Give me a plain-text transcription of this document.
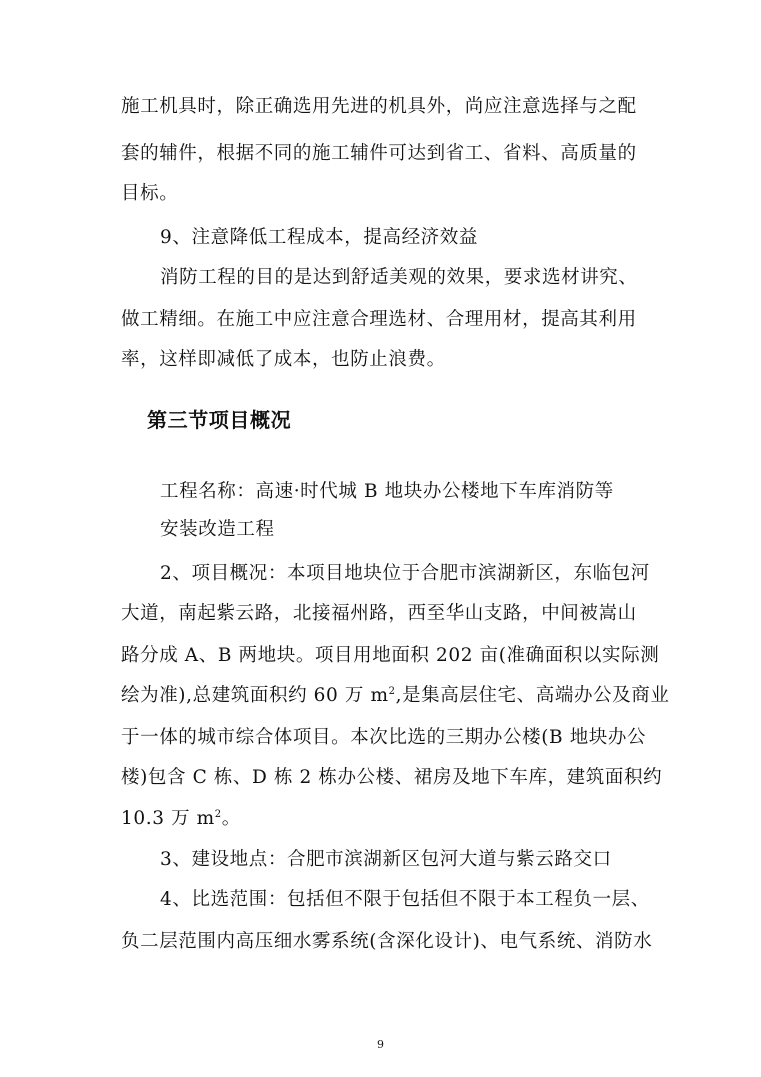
施工机具时，除正确选用先进的机具外，尚应注意选择与之配

套的辅件，根据不同的施工辅件可达到省工、省料、高质量的

目标。

9、注意降低工程成本，提高经济效益

消防工程的目的是达到舒适美观的效果，要求选材讲究、

做工精细。在施工中应注意合理选材、合理用材，提高其利用

率，这样即减低了成本，也防止浪费。

第三节项目概况

工程名称：高速·时代城 B 地块办公楼地下车库消防等

安装改造工程

2、项目概况：本项目地块位于合肥市滨湖新区，东临包河

大道，南起紫云路，北接福州路，西至华山支路，中间被嵩山

路分成 A、B 两地块。项目用地面积 202 亩(准确面积以实际测

绘为准),总建筑面积约 60 万 $m^2$,是集高层住宅、高端办公及商业

于一体的城市综合体项目。本次比选的三期办公楼(B 地块办公

楼)包含 C 栋、D 栋 2 栋办公楼、裙房及地下车库，建筑面积约

10.3 万 $m^2$。

3、建设地点：合肥市滨湖新区包河大道与紫云路交口

4、比选范围：包括但不限于包括但不限于本工程负一层、

负二层范围内高压细水雾系统(含深化设计)、电气系统、消防水

9
